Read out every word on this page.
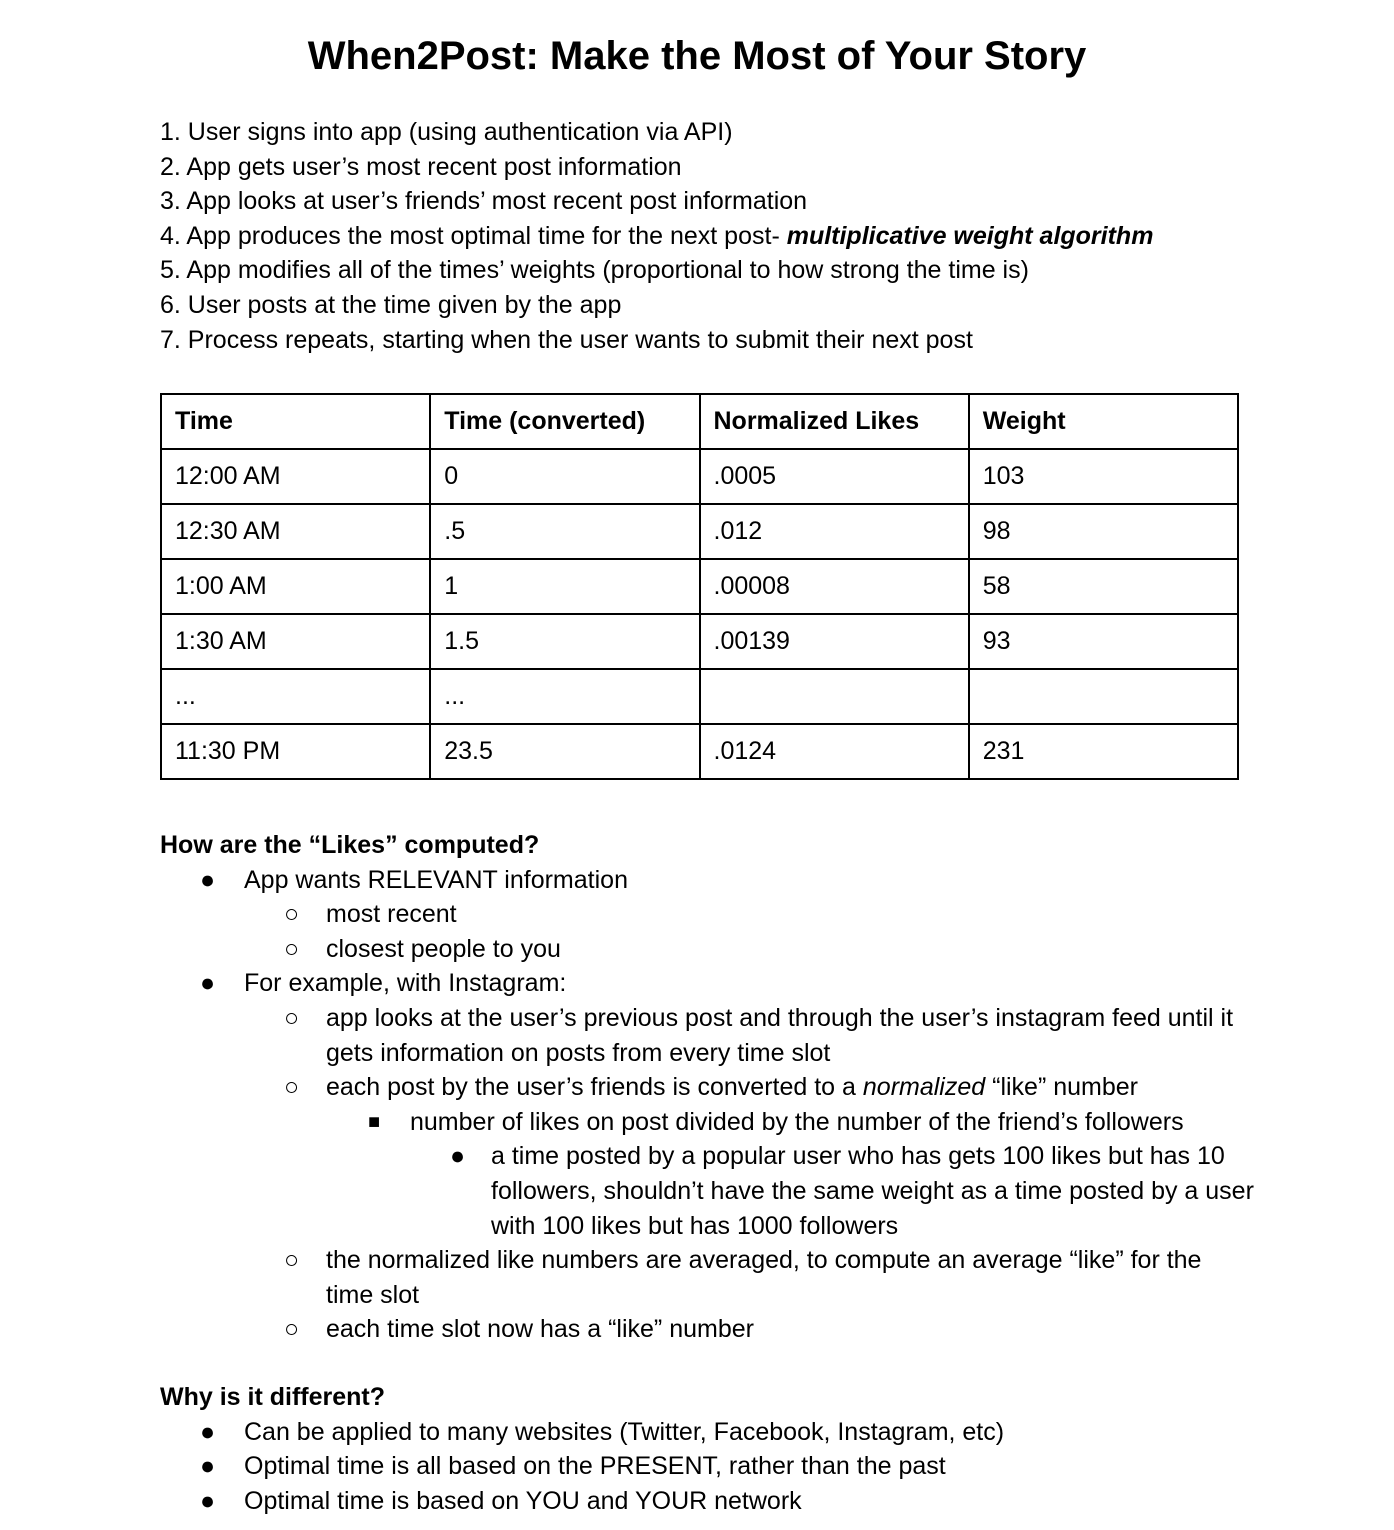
When2Post: Make the Most of Your Story
1. User signs into app (using authentication via API)
2. App gets user’s most recent post information
3. App looks at user’s friends’ most recent post information
4. App produces the most optimal time for the next post- multiplicative weight algorithm
5. App modifies all of the times’ weights (proportional to how strong the time is)
6. User posts at the time given by the app
7. Process repeats, starting when the user wants to submit their next post
Time	Time (converted)	Normalized Likes	Weight
12:00 AM	0	.0005	103
12:30 AM	.5	.012	98
1:00 AM	1	.00008	58
1:30 AM	1.5	.00139	93
...	...		
11:30 PM	23.5	.0124	231
How are the “Likes” computed?
● App wants RELEVANT information
○ most recent
○ closest people to you
● For example, with Instagram:
○ app looks at the user’s previous post and through the user’s instagram feed until it gets information on posts from every time slot
○ each post by the user’s friends is converted to a normalized “like” number
■ number of likes on post divided by the number of the friend’s followers
● a time posted by a popular user who has gets 100 likes but has 10 followers, shouldn’t have the same weight as a time posted by a user with 100 likes but has 1000 followers
○ the normalized like numbers are averaged, to compute an average “like” for the time slot
○ each time slot now has a “like” number
Why is it different?
● Can be applied to many websites (Twitter, Facebook, Instagram, etc)
● Optimal time is all based on the PRESENT, rather than the past
● Optimal time is based on YOU and YOUR network
